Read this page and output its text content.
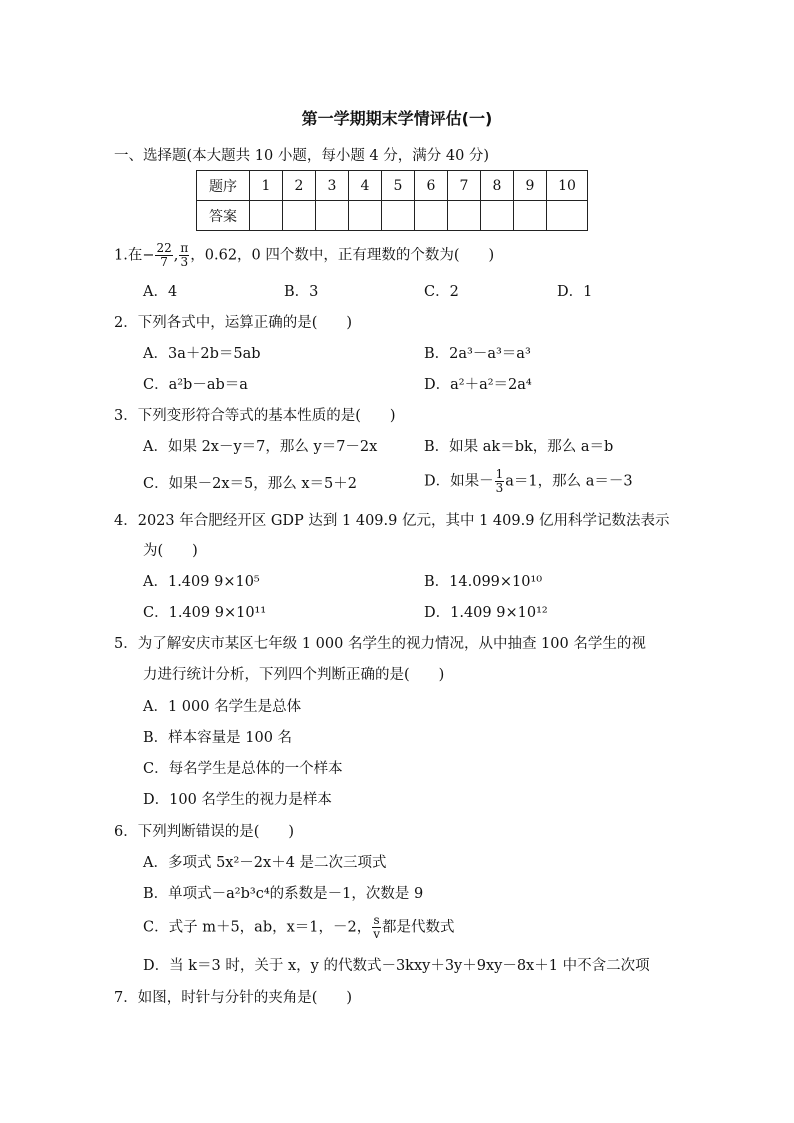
第一学期期末学情评估(一)
一、选择题(本大题共 10 小题，每小题 4 分，满分 40 分)
题序	1	2	3	4	5	6	7	8	9	10
答案										
1.在− $\frac{22}{7}$ , $\frac{\pi}{3}$ ，0.62，0 四个数中，正有理数的个数为(　　)
A．4	B．3	C．2	D．1
2．下列各式中，运算正确的是(　　)
A．3a＋2b＝5ab	B．2a³－a³＝a³
C．a²b－ab＝a	D．a²＋a²＝2a⁴
3．下列变形符合等式的基本性质的是(　　)
A．如果 2x－y＝7，那么 y＝7－2x	B．如果 ak＝bk，那么 a＝b
C．如果－2x＝5，那么 x＝5＋2	D．如果－ $\frac{1}{3} a=1$，那么 a＝－3
4．2023 年合肥经开区 GDP 达到 1 409.9 亿元，其中 1 409.9 亿用科学记数法表示
为(　　)
A．1.409 9×10⁵	B．14.099×10¹⁰
C．1.409 9×10¹¹	D．1.409 9×10¹²
5．为了解安庆市某区七年级 1 000 名学生的视力情况，从中抽查 100 名学生的视
力进行统计分析，下列四个判断正确的是(　　)
A．1 000 名学生是总体
B．样本容量是 100 名
C．每名学生是总体的一个样本
D．100 名学生的视力是样本
6．下列判断错误的是(　　)
A．多项式 5x²－2x＋4 是二次三项式
B．单项式－a²b³c⁴的系数是－1，次数是 9
C．式子 m＋5，ab，x＝1，－2， $\frac{s}{v}$ 都是代数式
D．当 k＝3 时，关于 x，y 的代数式－3kxy＋3y＋9xy－8x＋1 中不含二次项
7．如图，时针与分针的夹角是(　　)
